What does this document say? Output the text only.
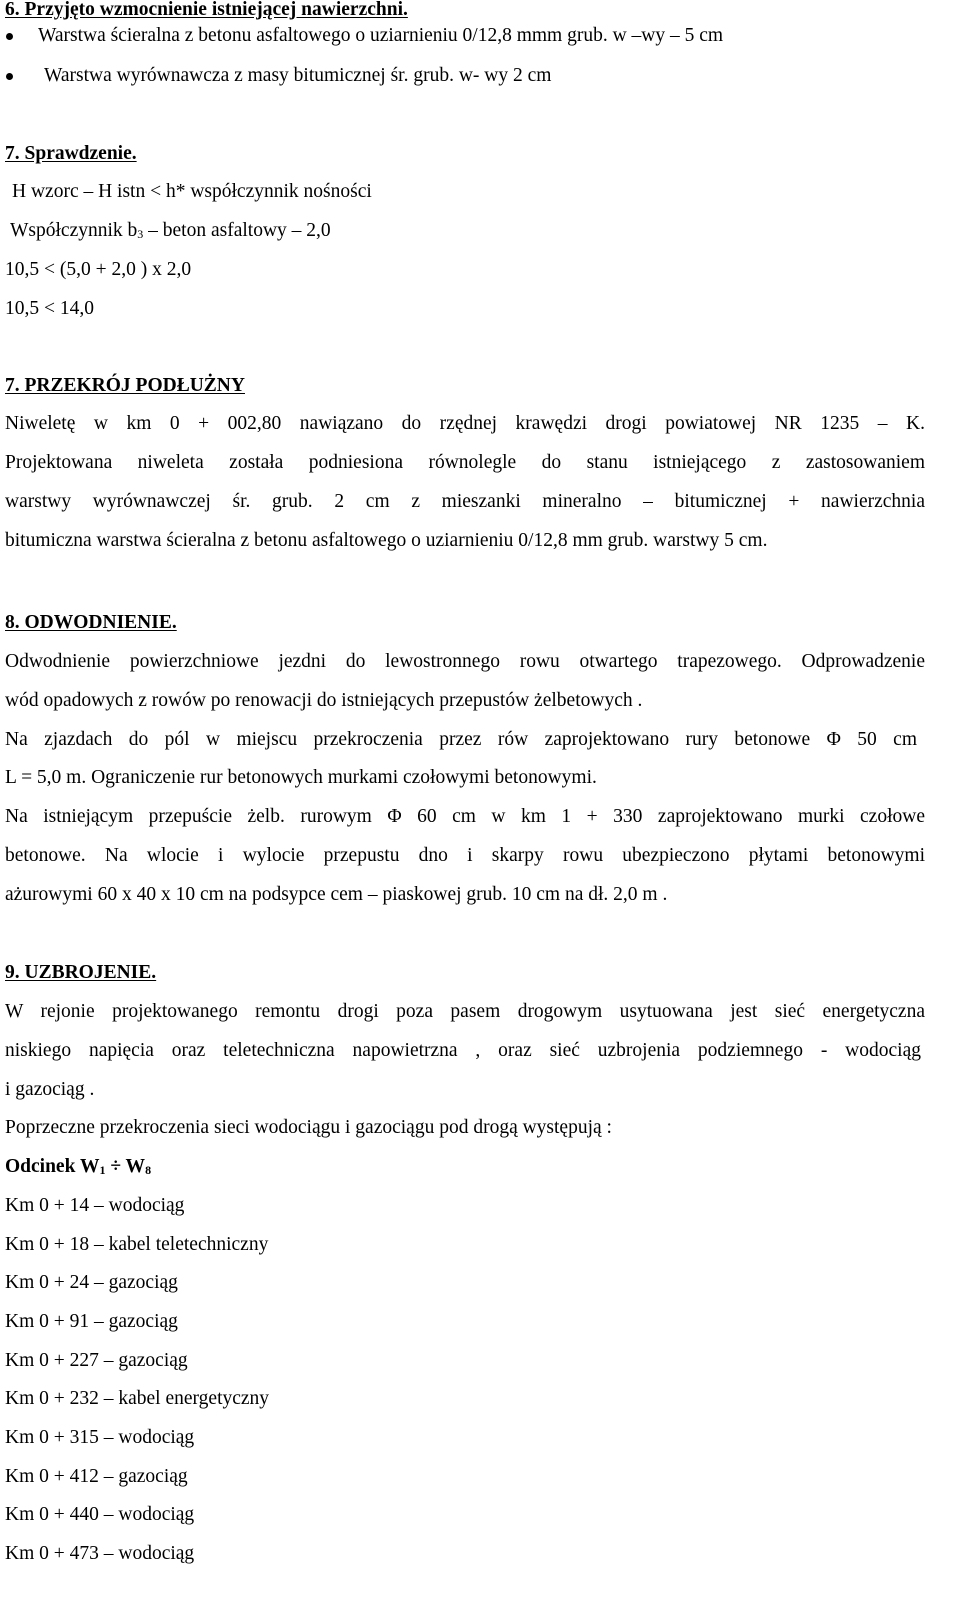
6. Przyjęto wzmocnienie istniejącej nawierzchni.
Warstwa ścieralna z betonu asfaltowego o uziarnieniu 0/12,8 mmm grub. w –wy – 5 cm
Warstwa wyrównawcza z masy bitumicznej śr. grub. w- wy 2 cm
7. Sprawdzenie.
H wzorc – H istn < h* współczynnik nośności
Współczynnik $b_3$ – beton asfaltowy – 2,0
10,5 < (5,0 + 2,0 ) x 2,0
10,5 < 14,0
7. PRZEKRÓJ PODŁUŻNY
Niweletę w km 0 + 002,80 nawiązano do rzędnej krawędzi drogi powiatowej NR 1235 – K.
Projektowana niweleta została podniesiona równolegle do stanu istniejącego z zastosowaniem
warstwy wyrównawczej śr. grub. 2 cm z mieszanki mineralno – bitumicznej + nawierzchnia
bitumiczna warstwa ścieralna z betonu asfaltowego o uziarnieniu 0/12,8 mm grub. warstwy 5 cm.
8. ODWODNIENIE.
Odwodnienie powierzchniowe jezdni do lewostronnego rowu otwartego trapezowego. Odprowadzenie
wód opadowych z rowów po renowacji do istniejących przepustów żelbetowych .
Na zjazdach do pól w miejscu przekroczenia przez rów zaprojektowano rury betonowe Φ 50 cm
L = 5,0 m. Ograniczenie rur betonowych murkami czołowymi betonowymi.
Na istniejącym przepuście żelb. rurowym Φ 60 cm w km 1 + 330 zaprojektowano murki czołowe
betonowe. Na wlocie i wylocie przepustu dno i skarpy rowu ubezpieczono płytami betonowymi
ażurowymi 60 x 40 x 10 cm na podsypce cem – piaskowej grub. 10 cm na dł. 2,0 m .
9. UZBROJENIE.
W rejonie projektowanego remontu drogi poza pasem drogowym usytuowana jest sieć energetyczna
niskiego napięcia oraz teletechniczna napowietrzna , oraz sieć uzbrojenia podziemnego - wodociąg
i gazociąg .
Poprzeczne przekroczenia sieci wodociągu i gazociągu pod drogą występują :
Odcinek $W_1 \div W_8$
Km 0 + 14 – wodociąg
Km 0 + 18 – kabel teletechniczny
Km 0 + 24 – gazociąg
Km 0 + 91 – gazociąg
Km 0 + 227 – gazociąg
Km 0 + 232 – kabel energetyczny
Km 0 + 315 – wodociąg
Km 0 + 412 – gazociąg
Km 0 + 440 – wodociąg
Km 0 + 473 – wodociąg
